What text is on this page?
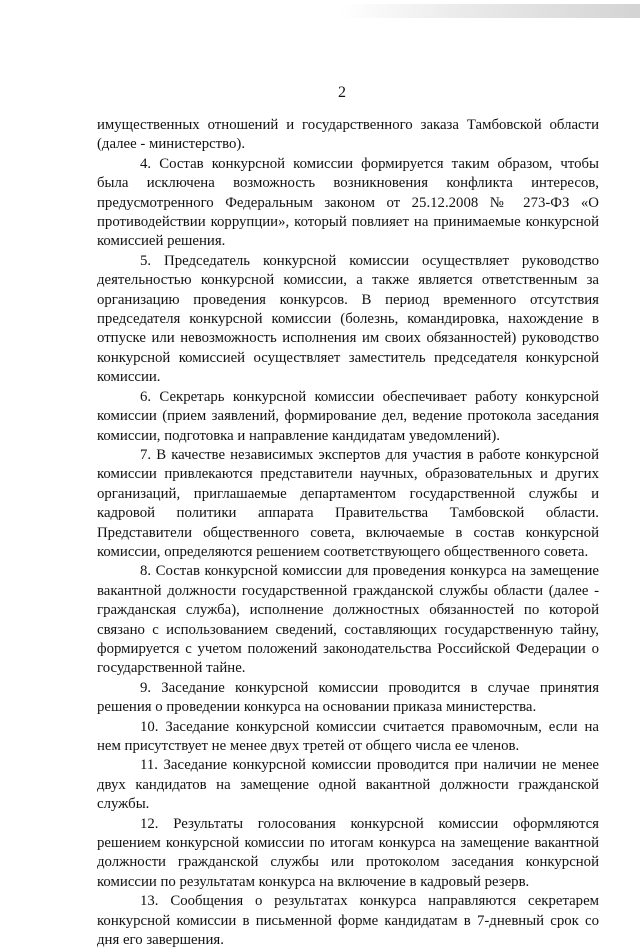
2

имущественных отношений и государственного заказа Тамбовской области (далее - министерство).

4. Состав конкурсной комиссии формируется таким образом, чтобы была исключена возможность возникновения конфликта интересов, предусмотренного Федеральным законом от 25.12.2008 № 273-ФЗ «О противодействии коррупции», который повлияет на принимаемые конкурсной комиссией решения.

5. Председатель конкурсной комиссии осуществляет руководство деятельностью конкурсной комиссии, а также является ответственным за организацию проведения конкурсов. В период временного отсутствия председателя конкурсной комиссии (болезнь, командировка, нахождение в отпуске или невозможность исполнения им своих обязанностей) руководство конкурсной комиссией осуществляет заместитель председателя конкурсной комиссии.

6. Секретарь конкурсной комиссии обеспечивает работу конкурсной комиссии (прием заявлений, формирование дел, ведение протокола заседания комиссии, подготовка и направление кандидатам уведомлений).

7. В качестве независимых экспертов для участия в работе конкурсной комиссии привлекаются представители научных, образовательных и других организаций, приглашаемые департаментом государственной службы и кадровой политики аппарата Правительства Тамбовской области. Представители общественного совета, включаемые в состав конкурсной комиссии, определяются решением соответствующего общественного совета.

8. Состав конкурсной комиссии для проведения конкурса на замещение вакантной должности государственной гражданской службы области (далее - гражданская служба), исполнение должностных обязанностей по которой связано с использованием сведений, составляющих государственную тайну, формируется с учетом положений законодательства Российской Федерации о государственной тайне.

9. Заседание конкурсной комиссии проводится в случае принятия решения о проведении конкурса на основании приказа министерства.

10. Заседание конкурсной комиссии считается правомочным, если на нем присутствует не менее двух третей от общего числа ее членов.

11. Заседание конкурсной комиссии проводится при наличии не менее двух кандидатов на замещение одной вакантной должности гражданской службы.

12. Результаты голосования конкурсной комиссии оформляются решением конкурсной комиссии по итогам конкурса на замещение вакантной должности гражданской службы или протоколом заседания конкурсной комиссии по результатам конкурса на включение в кадровый резерв.

13. Сообщения о результатах конкурса направляются секретарем конкурсной комиссии в письменной форме кандидатам в 7-дневный срок со дня его завершения.
